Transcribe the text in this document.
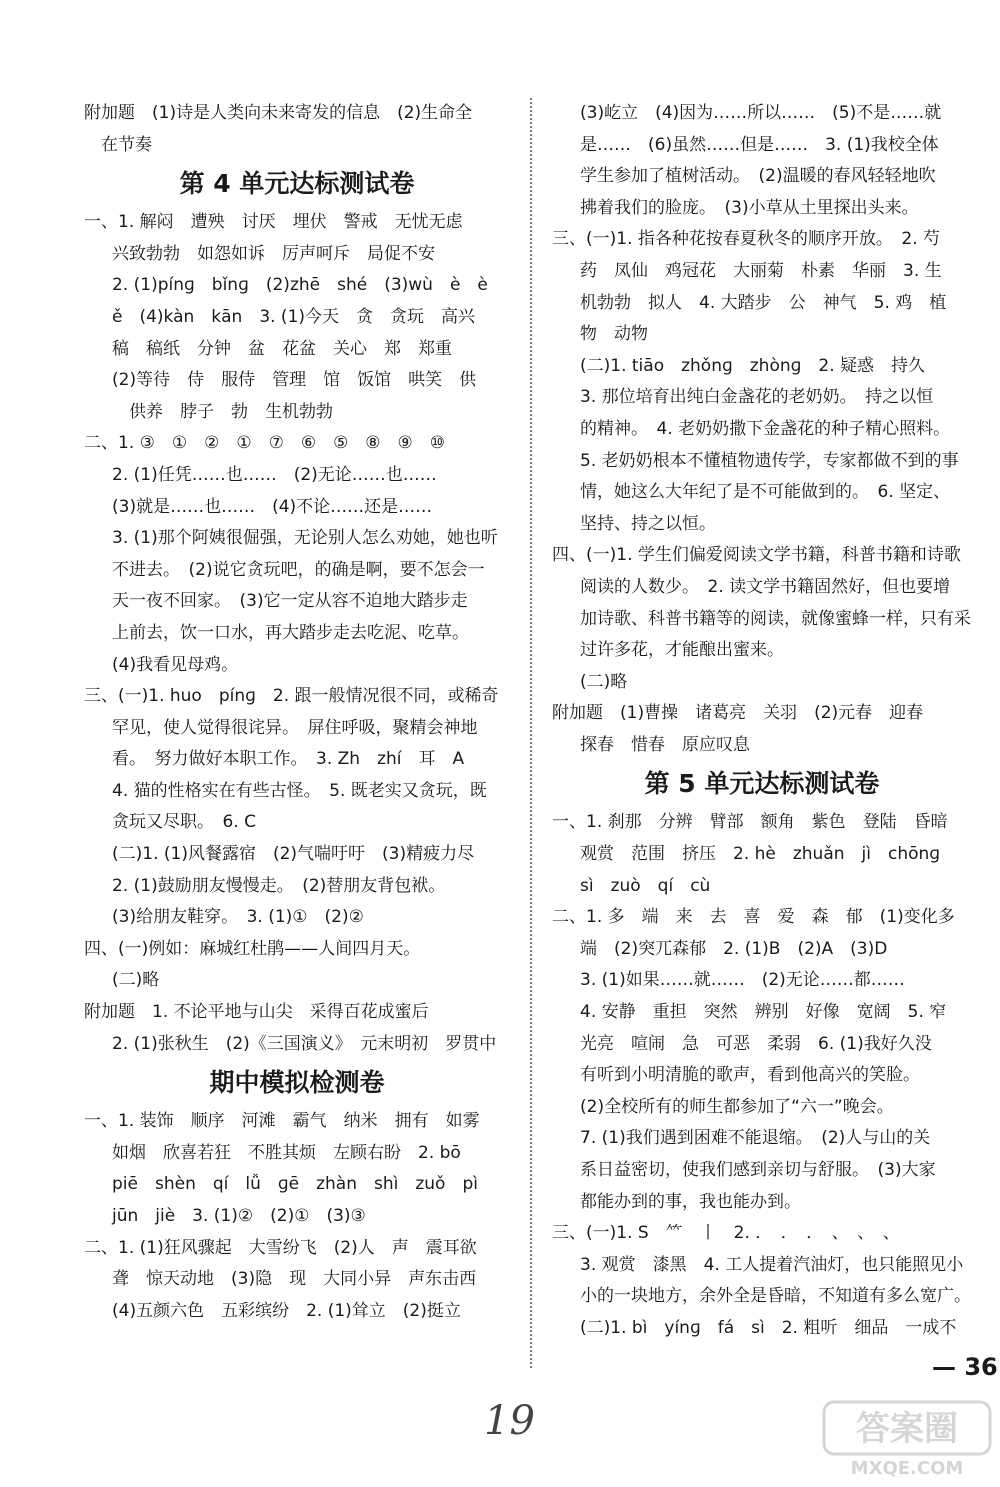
附加题　(1)诗是人类向未来寄发的信息　(2)生命全
　在节奏
第 4 单元达标测试卷
一、1. 解闷　遭殃　讨厌　埋伏　警戒　无忧无虑
兴致勃勃　如怨如诉　厉声呵斥　局促不安
2. (1)pínɡ　bǐnɡ　(2)zhē　shé　(3)wù　è　è
ě　(4)kàn　kān　3. (1)今天　贪　贪玩　高兴
稿　稿纸　分钟　盆　花盆　关心　郑　郑重
(2)等待　侍　服侍　管理　馆　饭馆　哄笑　供
　供养　脖子　勃　生机勃勃
二、1. ③　①　②　①　⑦　⑥　⑤　⑧　⑨　⑩
2. (1)任凭……也……　(2)无论……也……
(3)就是……也……　(4)不论……还是……
3. (1)那个阿姨很倔强，无论别人怎么劝她，她也听
不进去。　(2)说它贪玩吧，的确是啊，要不怎会一
天一夜不回家。　(3)它一定从容不迫地大踏步走
上前去，饮一口水，再大踏步走去吃泥、吃草。
(4)我看见母鸡。
三、(一)1. huo　pínɡ　2. 跟一般情况很不同，或稀奇
罕见，使人觉得很诧异。　屏住呼吸，聚精会神地
看。　努力做好本职工作。　3. Zh　zhí　耳　A
4. 猫的性格实在有些古怪。　5. 既老实又贪玩，既
贪玩又尽职。　6. C
(二)1. (1)风餐露宿　(2)气喘吁吁　(3)精疲力尽
2. (1)鼓励朋友慢慢走。　(2)替朋友背包袱。
(3)给朋友鞋穿。　3. (1)①　(2)②
四、(一)例如：麻城红杜鹃——人间四月天。
(二)略
附加题　1. 不论平地与山尖　采得百花成蜜后
2. (1)张秋生　(2)《三国演义》　元末明初　罗贯中
期中模拟检测卷
一、1. 装饰　顺序　河滩　霸气　纳米　拥有　如雾
如烟　欣喜若狂　不胜其烦　左顾右盼　2. bō
piē　shèn　qí　lǚ　ɡē　zhàn　shì　zuǒ　pì
jūn　jiè　3. (1)②　(2)①　(3)③
二、1. (1)狂风骤起　大雪纷飞　(2)人　声　震耳欲
聋　惊天动地　(3)隐　现　大同小异　声东击西
(4)五颜六色　五彩缤纷　2. (1)耸立　(2)挺立
(3)屹立　(4)因为……所以……　(5)不是……就
是……　(6)虽然……但是……　3. (1)我校全体
学生参加了植树活动。　(2)温暖的春风轻轻地吹
拂着我们的脸庞。　(3)小草从土里探出头来。
三、(一)1. 指各种花按春夏秋冬的顺序开放。　2. 芍
药　凤仙　鸡冠花　大丽菊　朴素　华丽　3. 生
机勃勃　拟人　4. 大踏步　公　神气　5. 鸡　植
物　动物
(二)1. tiāo　zhǒnɡ　zhònɡ　2. 疑惑　持久
3. 那位培育出纯白金盏花的老奶奶。　持之以恒
的精神。　4. 老奶奶撒下金盏花的种子精心照料。
5. 老奶奶根本不懂植物遗传学，专家都做不到的事
情，她这么大年纪了是不可能做到的。　6. 坚定、
坚持、持之以恒。
四、(一)1. 学生们偏爱阅读文学书籍，科普书籍和诗歌
阅读的人数少。　2. 读文学书籍固然好，但也要增
加诗歌、科普书籍等的阅读，就像蜜蜂一样，只有采
过许多花，才能酿出蜜来。
(二)略
附加题　(1)曹操　诸葛亮　关羽　(2)元春　迎春
探春　惜春　原应叹息
第 5 单元达标测试卷
一、1. 刹那　分辨　臂部　额角　紫色　登陆　昏暗
观赏　范围　挤压　2. hè　zhuǎn　jì　chōnɡ
sì　zuò　qí　cù
二、1. 多　端　来　去　喜　爱　森　郁　(1)变化多
端　(2)突兀森郁　2. (1)B　(2)A　(3)D
3. (1)如果……就……　(2)无论……都……
4. 安静　重担　突然　辨别　好像　宽阔　5. 窄
光亮　喧闹　急　可恶　柔弱　6. (1)我好久没
有听到小明清脆的歌声，看到他高兴的笑脸。
(2)全校所有的师生都参加了“六一”晚会。
7. (1)我们遇到困难不能退缩。　(2)人与山的关
系日益密切，使我们感到亲切与舒服。　(3)大家
都能办到的事，我也能办到。
三、(一)1. S　⺮　丨　2. ．　．　．　、　、　、
3. 观赏　漆黑　4. 工人提着汽油灯，也只能照见小
小的一块地方，余外全是昏暗，不知道有多么宽广。
(二)1. bì　yínɡ　fá　sì　2. 粗听　细品　一成不
— 36
19	答案圈
MXQE.COM
